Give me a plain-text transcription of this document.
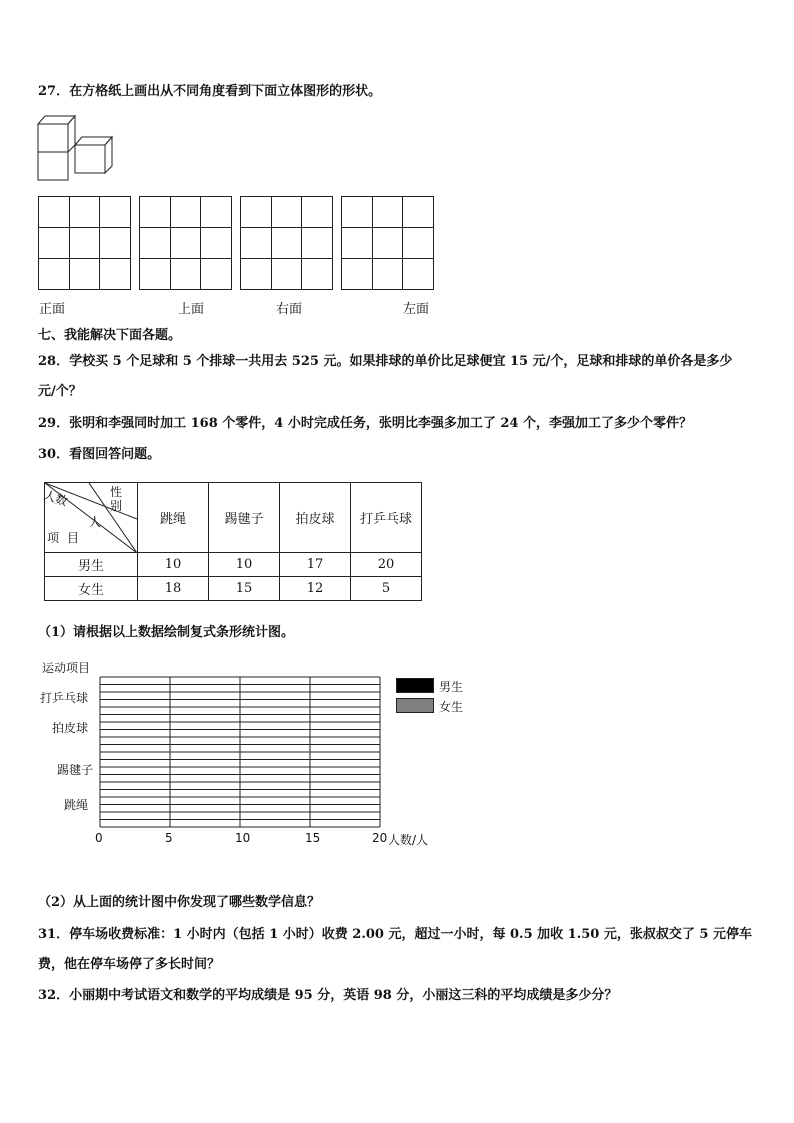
27．在方格纸上画出从不同角度看到下面立体图形的形状。

正面	上面	右面	左面
七、我能解决下面各题。
28．学校买 5 个足球和 5 个排球一共用去 525 元。如果排球的单价比足球便宜 15 元/个，足球和排球的单价各是多少
元/个？
29．张明和李强同时加工 168 个零件，4 小时完成任务，张明比李强多加工了 24 个，李强加工了多少个零件？
30．看图回答问题。
性别
人数
人
项目	跳绳	踢毽子	拍皮球	打乒乓球
男生	10	10	17	20
女生	18	15	12	5
（1）请根据以上数据绘制复式条形统计图。
运动项目
跳绳
踢毽子
拍皮球
打乒乓球
0	5	10	15	20 人数/人
男生
女生
（2）从上面的统计图中你发现了哪些数学信息？
31．停车场收费标准：1 小时内（包括 1 小时）收费 2.00 元，超过一小时，每 0.5 加收 1.50 元，张叔叔交了 5 元停车
费，他在停车场停了多长时间？
32．小丽期中考试语文和数学的平均成绩是 95 分，英语 98 分，小丽这三科的平均成绩是多少分？
